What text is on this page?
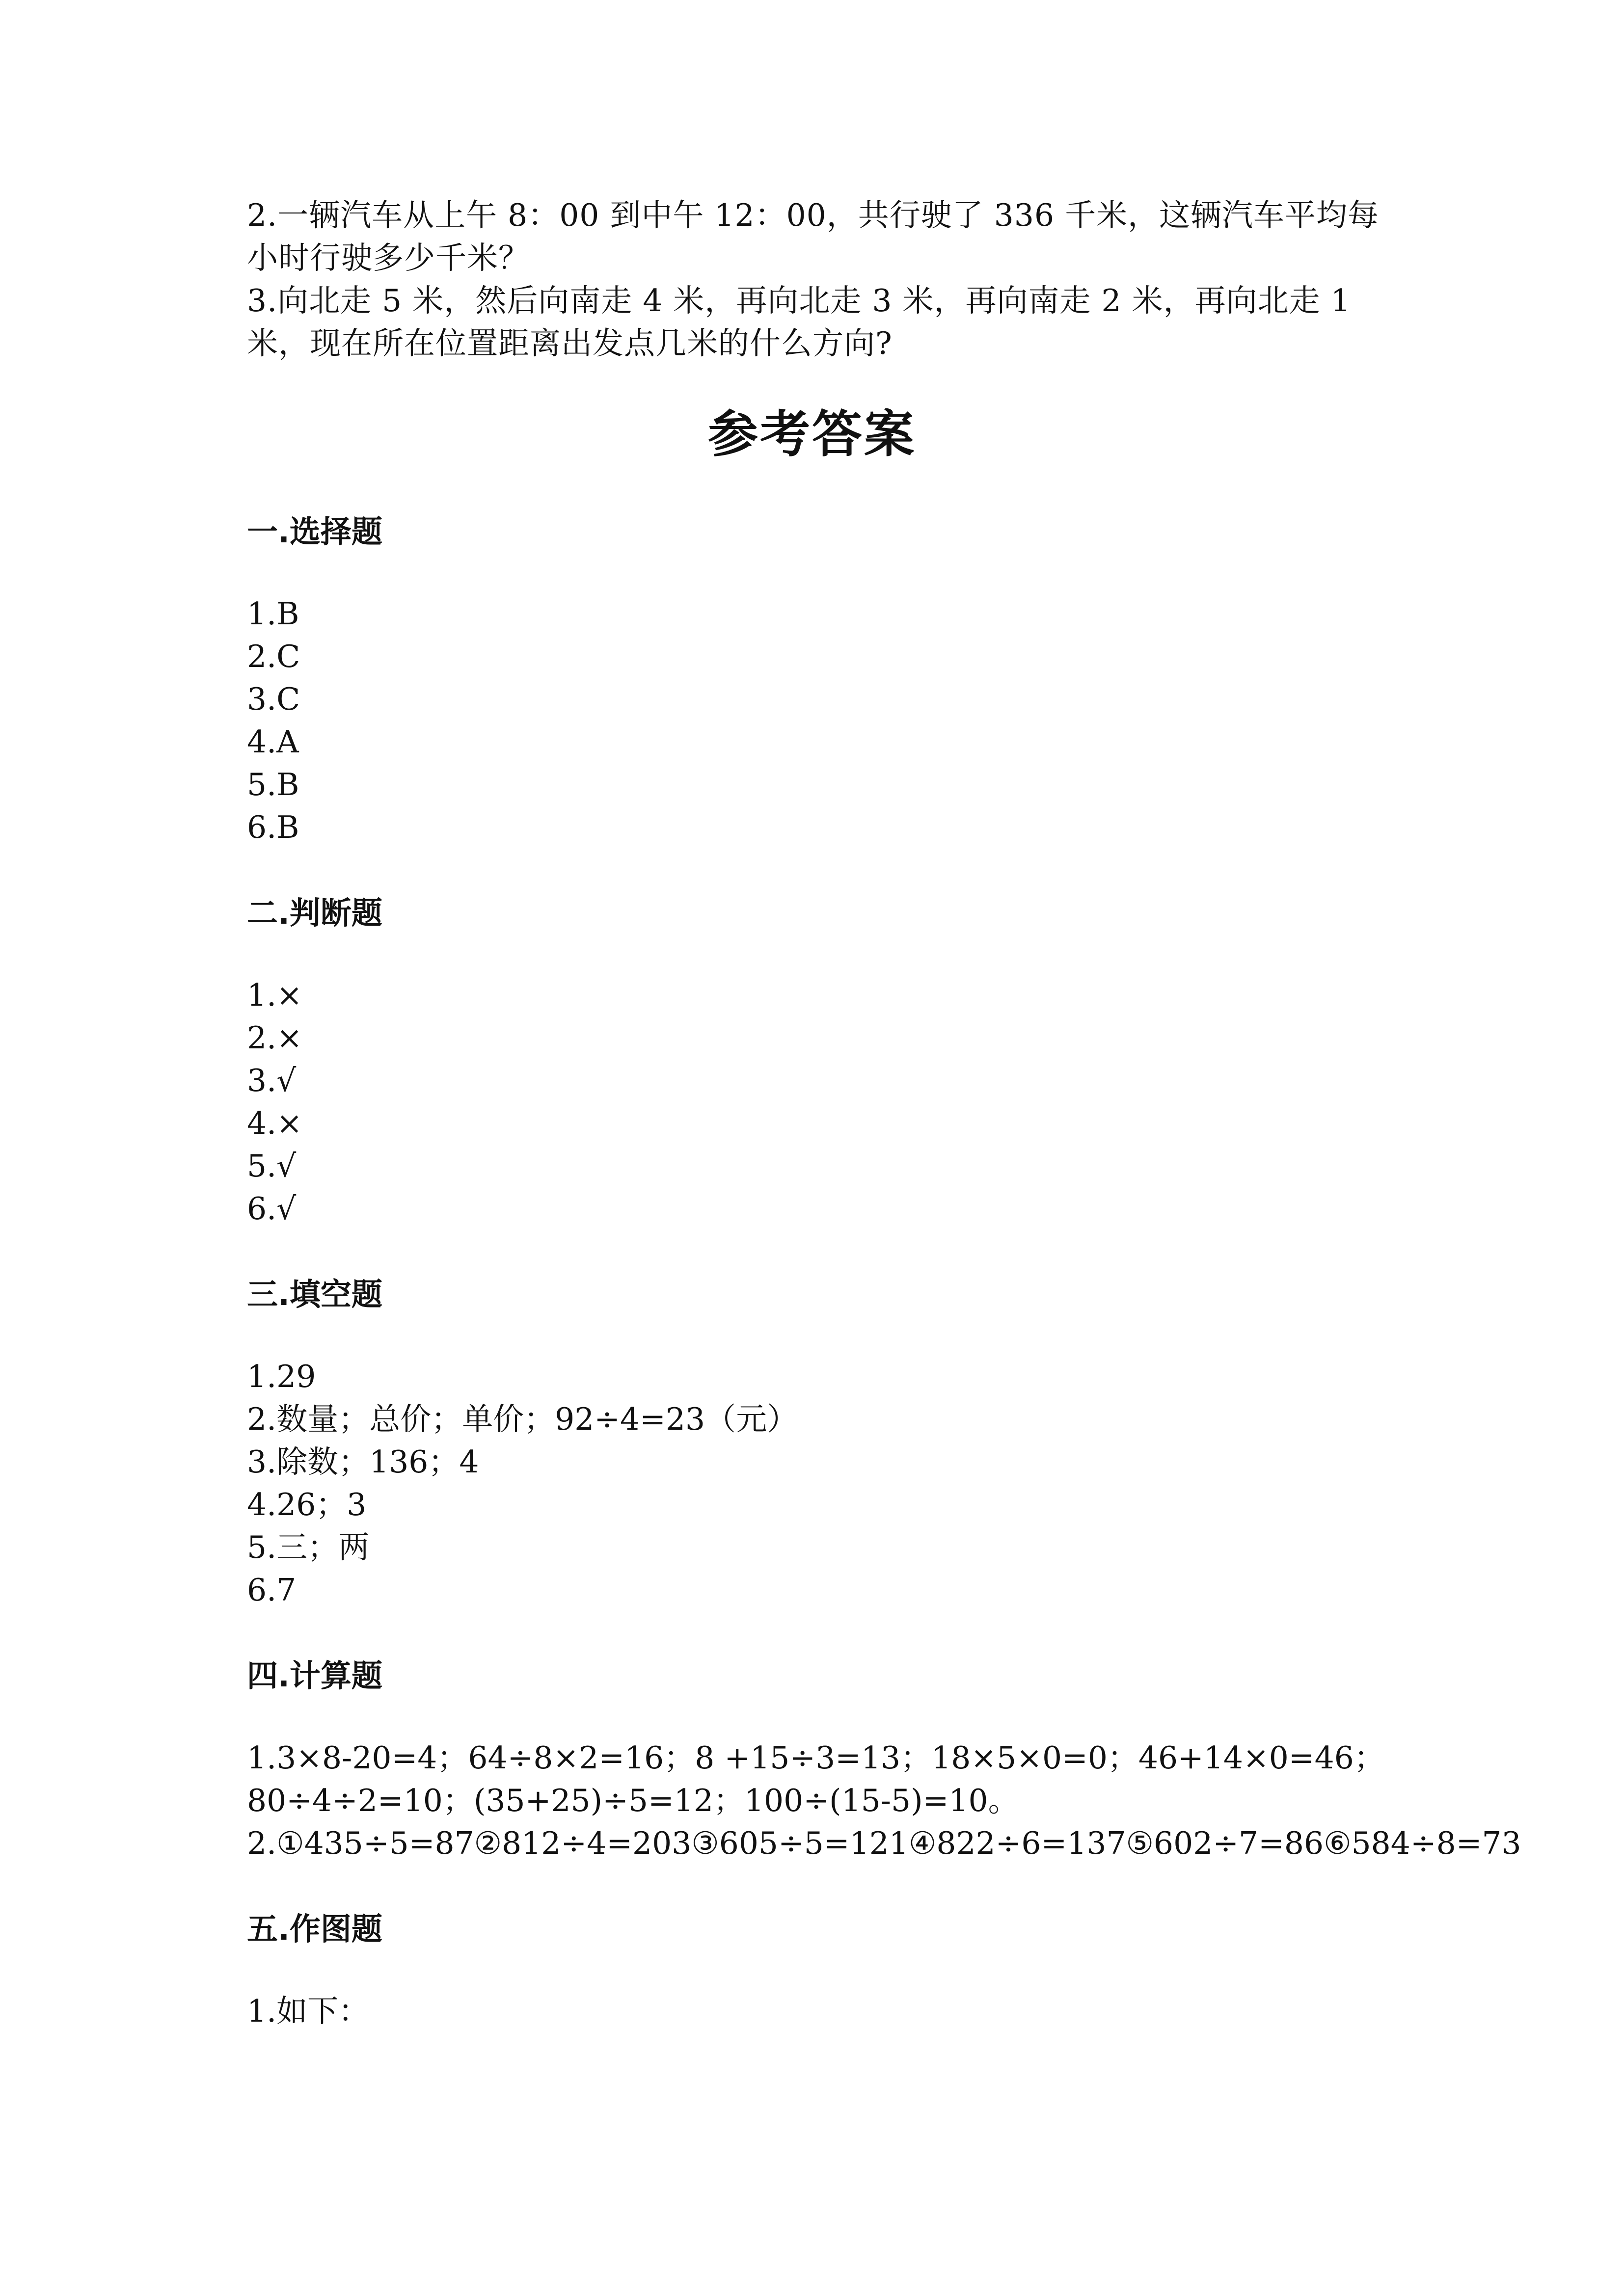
2.一辆汽车从上午 8：00 到中午 12：00，共行驶了 336 千米，这辆汽车平均每小时行驶多少千米？

3.向北走 5 米，然后向南走 4 米，再向北走 3 米，再向南走 2 米，再向北走 1 米，现在所在位置距离出发点几米的什么方向?

参考答案

一.选择题

1.B

2.C

3.C

4.A

5.B

6.B

二.判断题

1.×

2.×

3.√

4.×

5.√

6.√

三.填空题

1.29

2.数量；总价；单价；92÷4=23（元）

3.除数；136；4

4.26；3

5.三；两

6.7

四.计算题

1.3×8-20=4；64÷8×2=16；8 +15÷3=13；18×5×0=0；46+14×0=46；80÷4÷2=10；(35+25)÷5=12；100÷(15-5)=10。

2.①435÷5=87②812÷4=203③605÷5=121④822÷6=137⑤602÷7=86⑥584÷8=73

五.作图题

1.如下：
